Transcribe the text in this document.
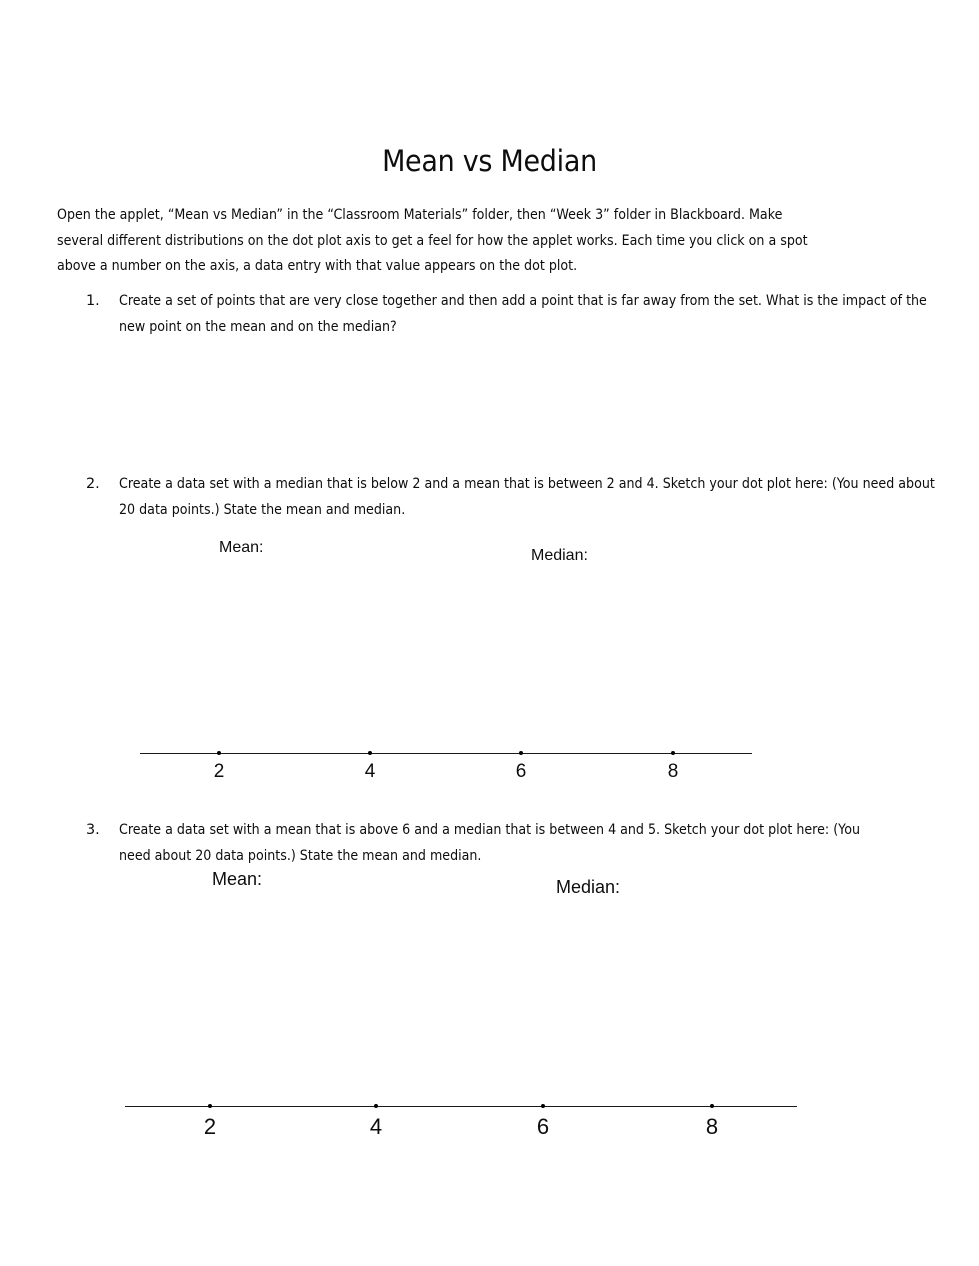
Mean vs Median
Open the applet, “Mean vs Median” in the “Classroom Materials” folder, then “Week 3” folder in Blackboard. Make several different distributions on the dot plot axis to get a feel for how the applet works. Each time you click on a spot above a number on the axis, a data entry with that value appears on the dot plot.
1.	Create a set of points that are very close together and then add a point that is far away from the set. What is the impact of the new point on the mean and on the median?
2.	Create a data set with a median that is below 2 and a mean that is between 2 and 4. Sketch your dot plot here: (You need about 20 data points.) State the mean and median.
Mean:	Median:
2	4	6	8
3.	Create a data set with a mean that is above 6 and a median that is between 4 and 5. Sketch your dot plot here: (You need about 20 data points.) State the mean and median.
Mean:	Median:
2	4	6	8
